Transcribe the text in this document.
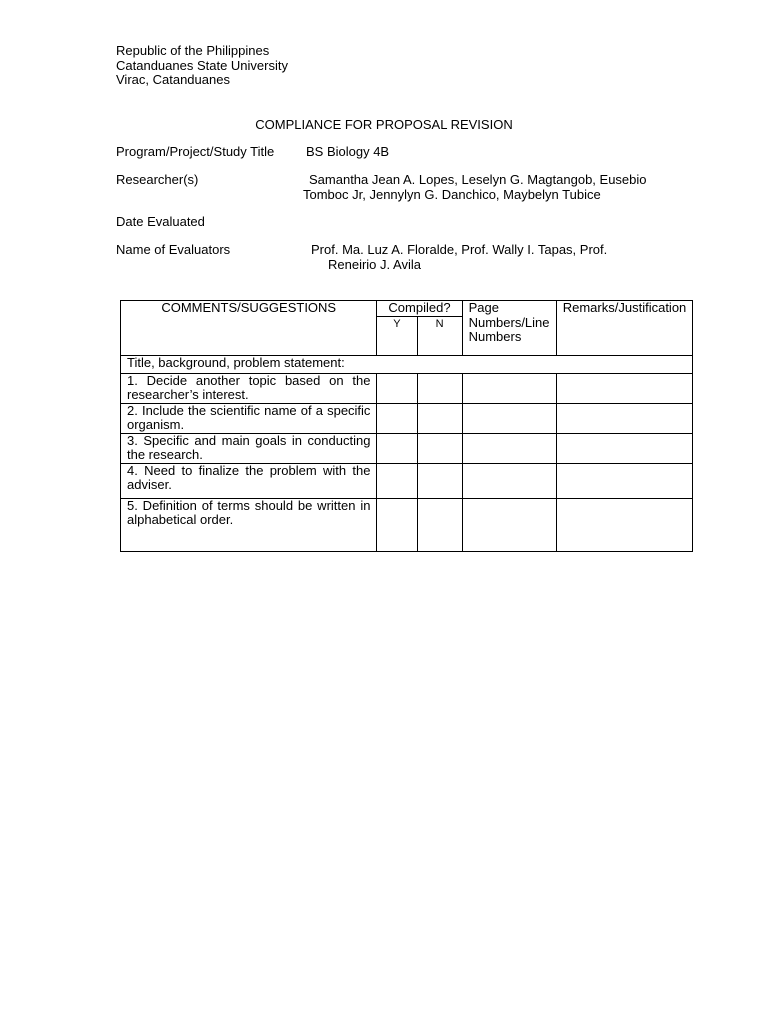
Republic of the Philippines
Catanduanes State University
Virac, Catanduanes
COMPLIANCE FOR PROPOSAL REVISION
Program/Project/Study Title BS Biology 4B
Researcher(s)	Samantha Jean A. Lopes, Leselyn G. Magtangob, Eusebio
Tomboc Jr, Jennylyn G. Danchico, Maybelyn Tubice
Date Evaluated
Name of Evaluators	Prof. Ma. Luz A. Floralde, Prof. Wally I. Tapas, Prof.
Reneirio J. Avila
COMMENTS/SUGGESTIONS	Compiled?		Page Numbers/Line Numbers	Remarks/Justification
	Y	N		
Title, background, problem statement:				
1. Decide another topic based on the researcher’s interest.				
2. Include the scientific name of a specific organism.				
3. Specific and main goals in conducting the research.				
4. Need to finalize the problem with the adviser.				
5. Definition of terms should be written in alphabetical order.				
